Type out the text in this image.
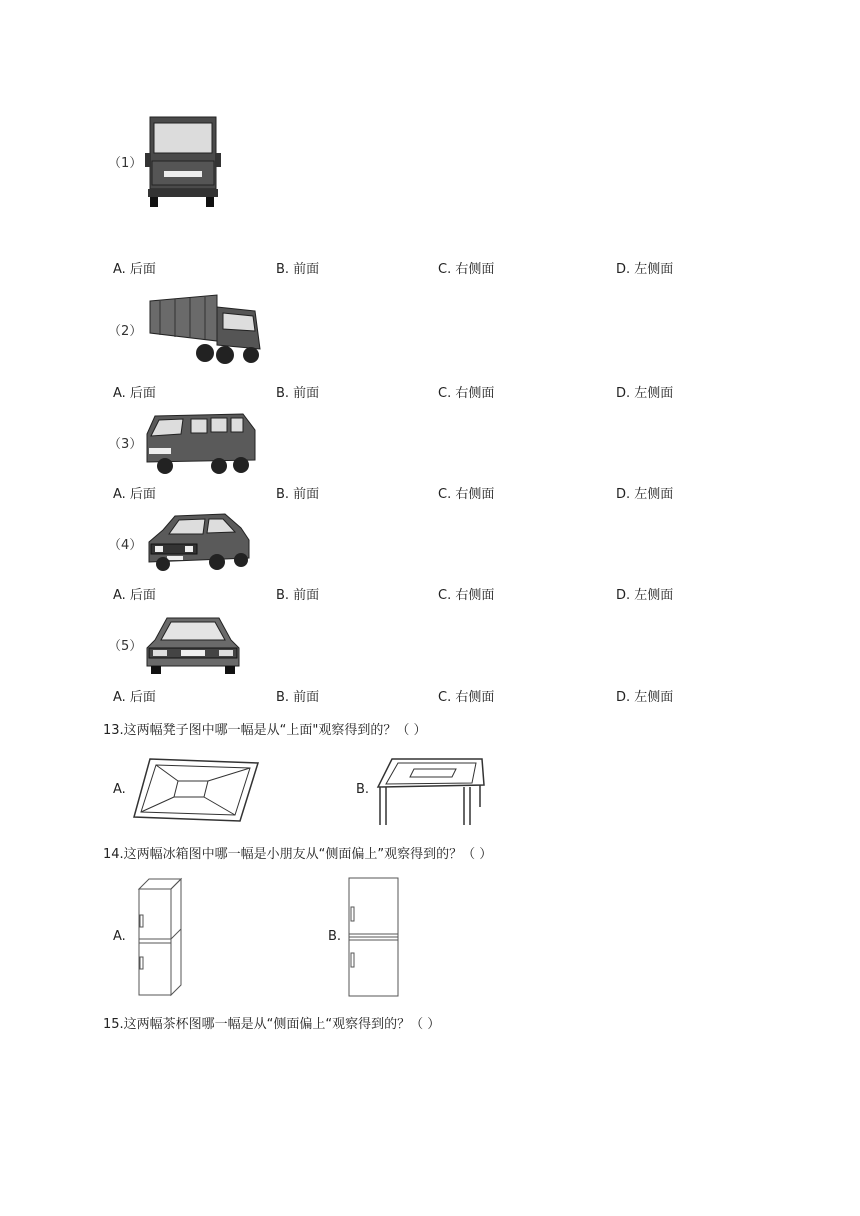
（1）
A. 后面	B. 前面	C. 右侧面	D. 左侧面
（2）
A. 后面	B. 前面	C. 右侧面	D. 左侧面
（3）
A. 后面	B. 前面	C. 右侧面	D. 左侧面
（4）
A. 后面	B. 前面	C. 右侧面	D. 左侧面
（5）
A. 后面	B. 前面	C. 右侧面	D. 左侧面
13.这两幅凳子图中哪一幅是从“上面"观察得到的？（ ）
A.	B.
14.这两幅冰箱图中哪一幅是小朋友从“侧面偏上”观察得到的？（ ）
A.	B.
15.这两幅茶杯图哪一幅是从“侧面偏上“观察得到的？（ ）
